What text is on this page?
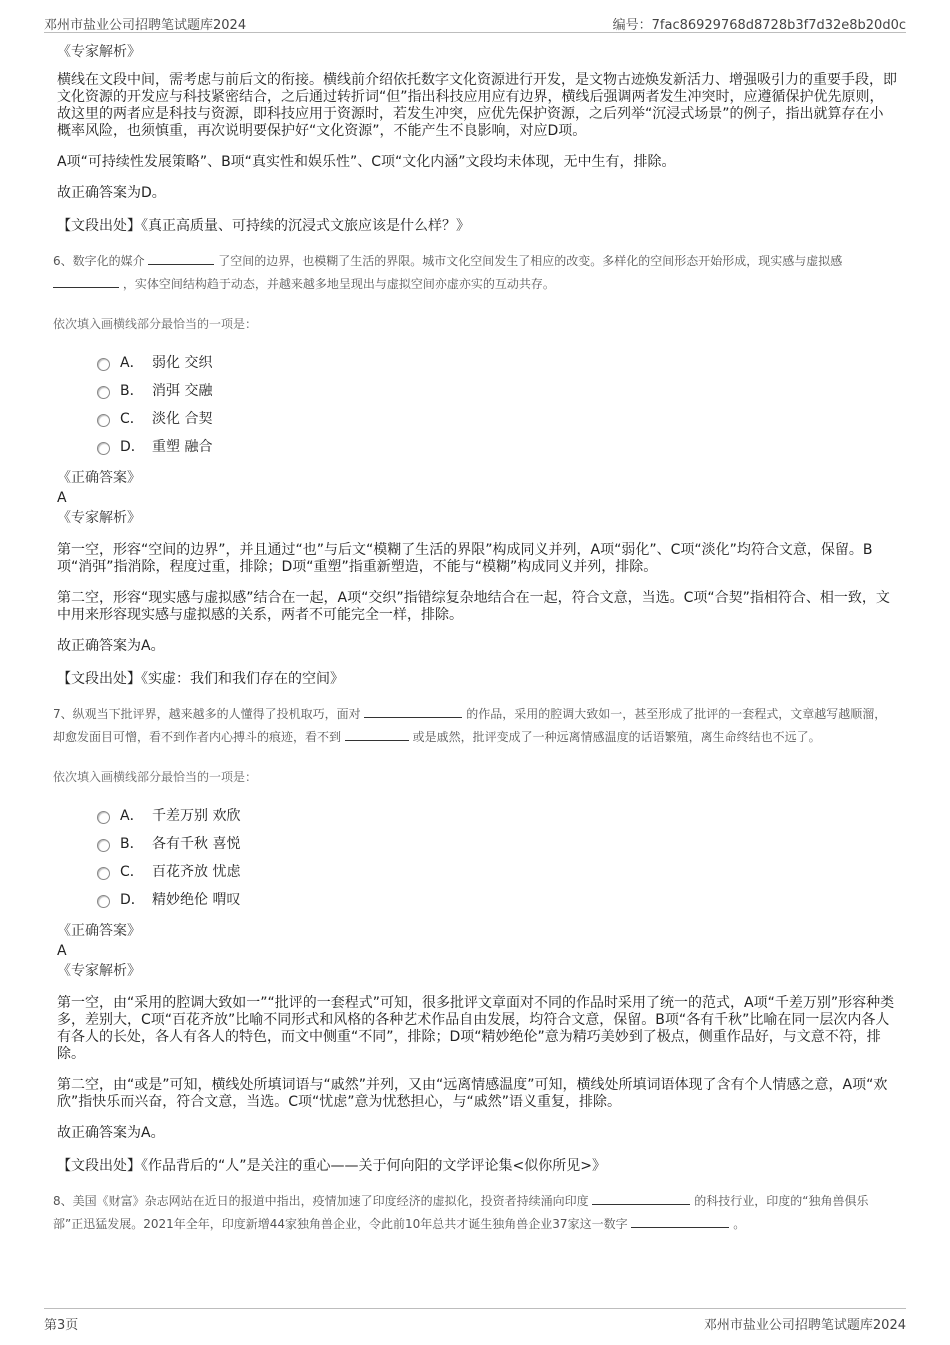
邓州市盐业公司招聘笔试题库2024	编号：7fac86929768d8728b3f7d32e8b20d0c
《专家解析》
横线在文段中间，需考虑与前后文的衔接。横线前介绍依托数字文化资源进行开发，是文物古迹焕发新活力、增强吸引力的重要手段，即文化资源的开发应与科技紧密结合，之后通过转折词“但”指出科技应用应有边界，横线后强调两者发生冲突时，应遵循保护优先原则，故这里的两者应是科技与资源，即科技应用于资源时，若发生冲突，应优先保护资源，之后列举“沉浸式场景”的例子，指出就算存在小概率风险，也须慎重，再次说明要保护好“文化资源”，不能产生不良影响，对应D项。
A项“可持续性发展策略”、B项“真实性和娱乐性”、C项“文化内涵”文段均未体现，无中生有，排除。
故正确答案为D。
【文段出处】《真正高质量、可持续的沉浸式文旅应该是什么样？》
6、数字化的媒介	了空间的边界，也模糊了生活的界限。城市文化空间发生了相应的改变。多样化的空间形态开始形成，现实感与虚拟感  ，实体空间结构趋于动态，并越来越多地呈现出与虚拟空间亦虚亦实的互动共存。
依次填入画横线部分最恰当的一项是：
A． 弱化 交织
B． 消弭 交融
C． 淡化 合契
D． 重塑 融合
《正确答案》
A
《专家解析》
第一空，形容“空间的边界”，并且通过“也”与后文“模糊了生活的界限”构成同义并列，A项“弱化”、C项“淡化”均符合文意，保留。B项“消弭”指消除，程度过重，排除；D项“重塑”指重新塑造，不能与“模糊”构成同义并列，排除。
第二空，形容“现实感与虚拟感”结合在一起，A项“交织”指错综复杂地结合在一起，符合文意，当选。C项“合契”指相符合、相一致，文中用来形容现实感与虚拟感的关系，两者不可能完全一样，排除。
故正确答案为A。
【文段出处】《实虚：我们和我们存在的空间》
7、纵观当下批评界，越来越多的人懂得了投机取巧，面对	的作品，采用的腔调大致如一，甚至形成了批评的一套程式，文章越写越顺溜，却愈发面目可憎，看不到作者内心搏斗的痕迹，看不到	或是戚然，批评变成了一种远离情感温度的话语繁殖，离生命终结也不远了。
依次填入画横线部分最恰当的一项是：
A． 千差万别 欢欣
B． 各有千秋 喜悦
C． 百花齐放 忧虑
D． 精妙绝伦 喟叹
《正确答案》
A
《专家解析》
第一空，由“采用的腔调大致如一”“批评的一套程式”可知，很多批评文章面对不同的作品时采用了统一的范式，A项“千差万别”形容种类多，差别大，C项“百花齐放”比喻不同形式和风格的各种艺术作品自由发展，均符合文意，保留。B项“各有千秋”比喻在同一层次内各人有各人的长处，各人有各人的特色，而文中侧重“不同”，排除；D项“精妙绝伦”意为精巧美妙到了极点，侧重作品好，与文意不符，排除。
第二空，由“或是”可知，横线处所填词语与“戚然”并列，又由“远离情感温度”可知，横线处所填词语体现了含有个人情感之意，A项“欢欣”指快乐而兴奋，符合文意，当选。C项“忧虑”意为忧愁担心，与“戚然”语义重复，排除。
故正确答案为A。
【文段出处】《作品背后的“人”是关注的重心——关于何向阳的文学评论集<似你所见>》
8、美国《财富》杂志网站在近日的报道中指出，疫情加速了印度经济的虚拟化，投资者持续涌向印度	的科技行业，印度的“独角兽俱乐部”正迅猛发展。2021年全年，印度新增44家独角兽企业，令此前10年总共才诞生独角兽企业37家这一数字	。
第3页	邓州市盐业公司招聘笔试题库2024
